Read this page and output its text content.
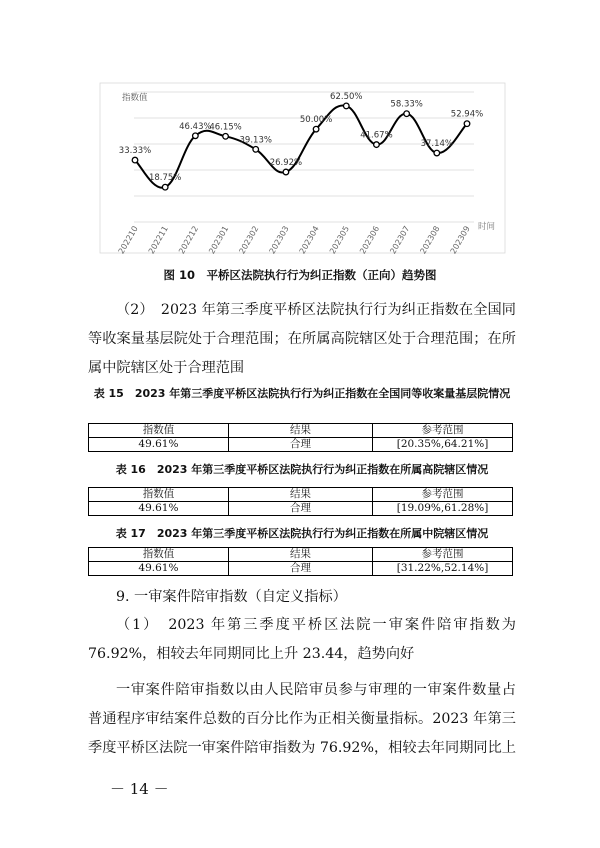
指数值
时间
33.33%
202210
18.75%
202211
46.43%
202212
46.15%
202301
39.13%
202302
26.92%
202303
50.00%
202304
62.50%
202305
41.67%
202306
58.33%
202307
37.14%
202308
52.94%
202309
图 10　平桥区法院执行行为纠正指数（正向）趋势图

（2）　2023 年第三季度平桥区法院执行行为纠正指数在全国同
等收案量基层院处于合理范围；在所属高院辖区处于合理范围；在所
属中院辖区处于合理范围

表 15　2023 年第三季度平桥区法院执行行为纠正指数在全国同等收案量基层院情况
指数值	结果	参考范围
49.61%	合理	[20.35%,64.21%]
表 16　2023 年第三季度平桥区法院执行行为纠正指数在所属高院辖区情况
指数值	结果	参考范围
49.61%	合理	[19.09%,61.28%]
表 17　2023 年第三季度平桥区法院执行行为纠正指数在所属中院辖区情况
指数值	结果	参考范围
49.61%	合理	[31.22%,52.14%]

9. 一审案件陪审指数（自定义指标）

（1）　2023 年第三季度平桥区法院一审案件陪审指数为
76.92%，相较去年同期同比上升 23.44，趋势向好

一审案件陪审指数以由人民陪审员参与审理的一审案件数量占
普通程序审结案件总数的百分比作为正相关衡量指标。2023 年第三
季度平桥区法院一审案件陪审指数为 76.92%，相较去年同期同比上

－ 14 －
